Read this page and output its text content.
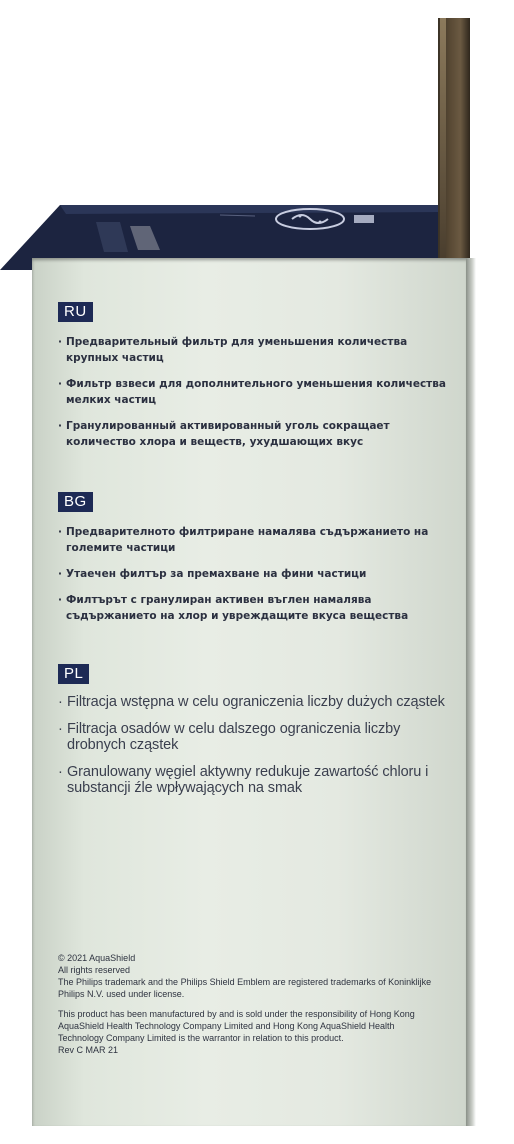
RU
· Предварительный фильтр для уменьшения количества крупных частиц
· Фильтр взвеси для дополнительного уменьшения количества мелких частиц
· Гранулированный активированный уголь сокращает количество хлора и веществ, ухудшающих вкус
BG
· Предварителното филтриране намалява съдържанието на големите частици
· Утаечен филтър за премахване на фини частици
· Филтърът с гранулиран активен въглен намалява съдържанието на хлор и увреждащите вкуса вещества
PL
· Filtracja wstępna w celu ograniczenia liczby dużych cząstek
· Filtracja osadów w celu dalszego ograniczenia liczby drobnych cząstek
· Granulowany węgiel aktywny redukuje zawartość chloru i substancji źle wpływających na smak

© 2021 AquaShield

All rights reserved

The Philips trademark and the Philips Shield Emblem are registered trademarks of Koninklijke Philips N.V. used under license.

This product has been manufactured by and is sold under the responsibility of Hong Kong AquaShield Health Technology Company Limited and Hong Kong AquaShield Health Technology Company Limited is the warrantor in relation to this product.

Rev C MAR 21
